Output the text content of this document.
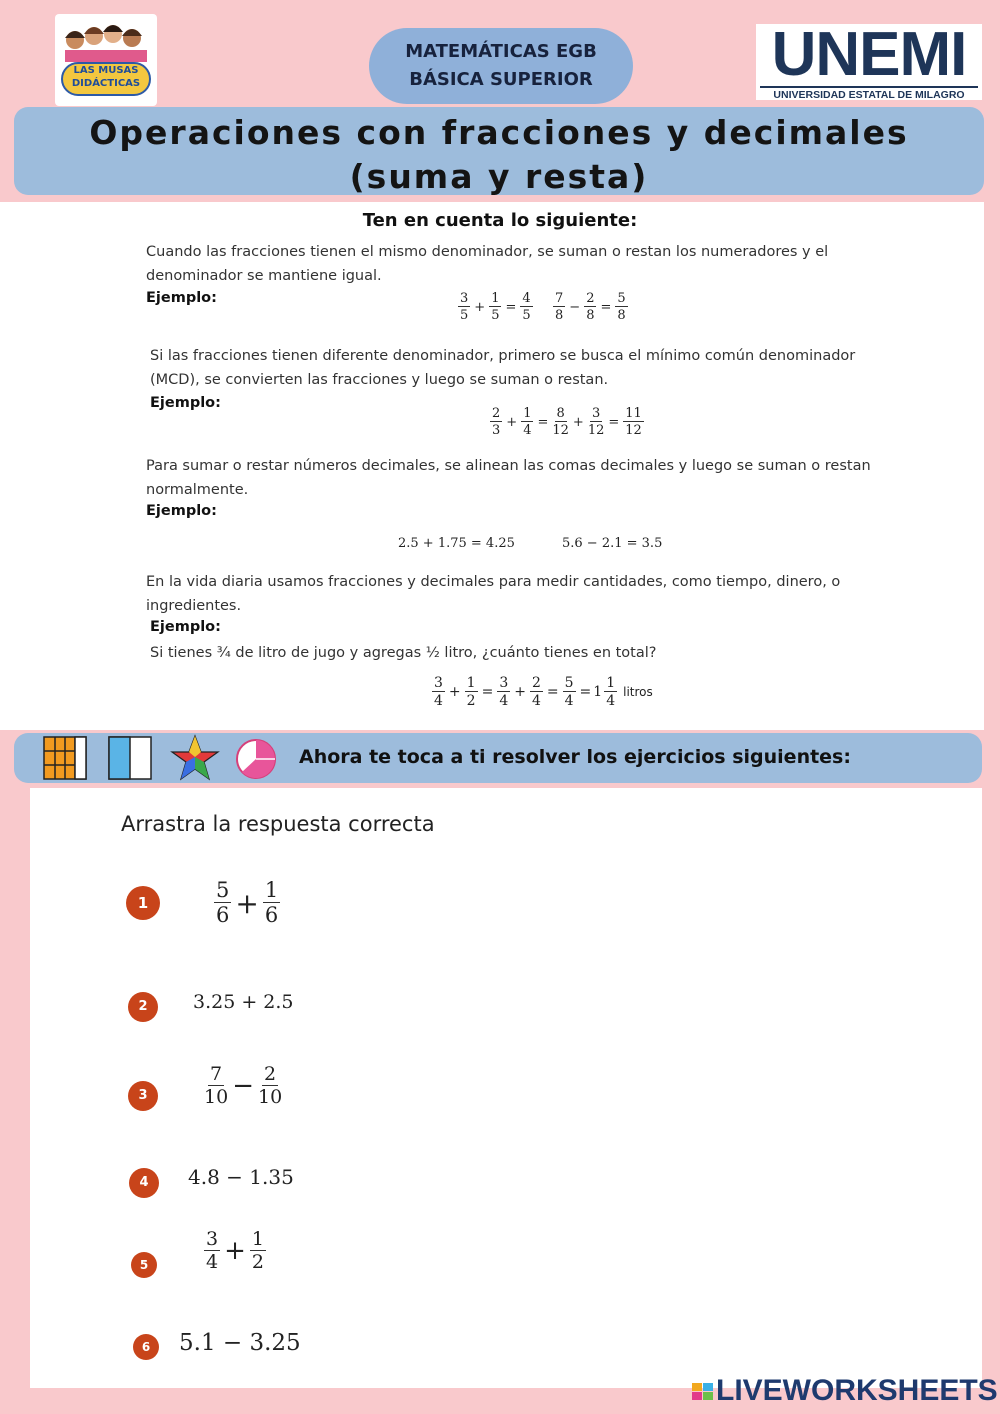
LAS MUSAS
DIDÁCTICAS
MATEMÁTICAS EGB
BÁSICA SUPERIOR	UNEMI
UNIVERSIDAD ESTATAL DE MILAGRO
Operaciones con fracciones y decimales
(suma y resta)
Ten en cuenta lo siguiente:
Cuando las fracciones tienen el mismo denominador, se suman o restan los numeradores y el denominador se mantiene igual.
Ejemplo:	$\frac{3}{5} + \frac{1}{5} = \frac{4}{5} \frac{7}{8} - \frac{2}{8} = \frac{5}{8}$
Si las fracciones tienen diferente denominador, primero se busca el mínimo común denominador (MCD), se convierten las fracciones y luego se suman o restan.
Ejemplo:
$\frac{2}{3} + \frac{1}{4} = \frac{8}{12} + \frac{3}{12} = \frac{11}{12}$
Para sumar o restar números decimales, se alinean las comas decimales y luego se suman o restan normalmente.
Ejemplo:
2.5 + 1.75 = 4.25	5.6 − 2.1 = 3.5
En la vida diaria usamos fracciones y decimales para medir cantidades, como tiempo, dinero, o ingredientes.
Ejemplo:
Si tienes ¾ de litro de jugo y agregas ½ litro, ¿cuánto tienes en total?
$\frac{3}{4} + \frac{1}{2} = \frac{3}{4} + \frac{2}{4} = \frac{5}{4} = 1 \frac{1}{4}$ litros
Ahora te toca a ti resolver los ejercicios siguientes:
Arrastra la respuesta correcta
1	$\frac{5}{6} + \frac{1}{6}$
2	3.25 + 2.5
3	$\frac{7}{10} - \frac{2}{10}$
4	4.8 − 1.35
5	$\frac{3}{4} + \frac{1}{2}$
6	5.1 − 3.25
LIVEWORKSHEETS
